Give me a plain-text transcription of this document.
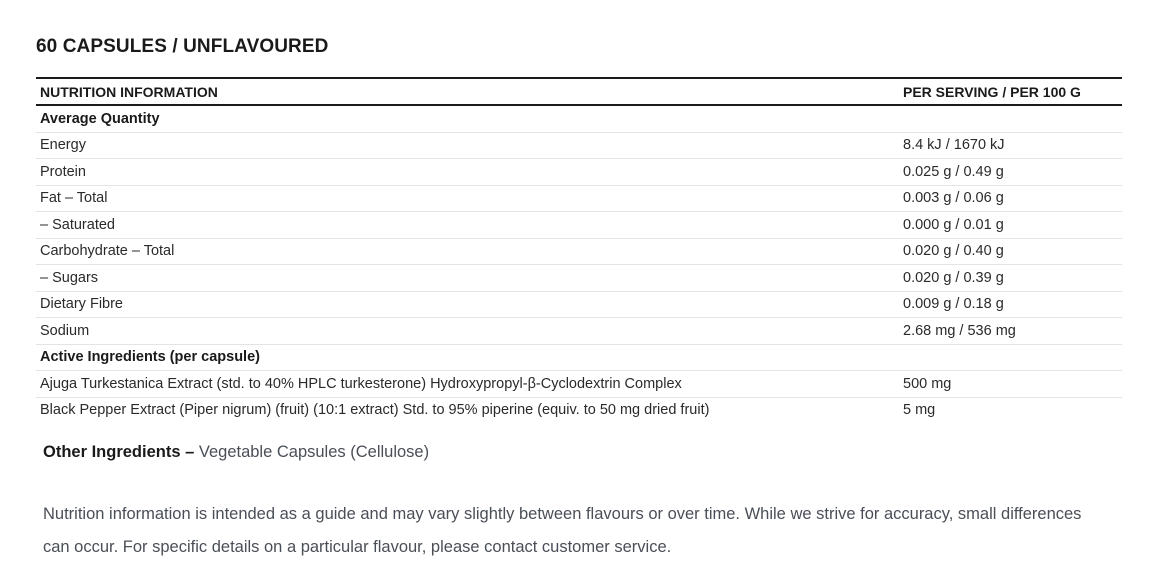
60 CAPSULES / UNFLAVOURED
NUTRITION INFORMATION	PER SERVING / PER 100 G
Average Quantity	
Energy	8.4 kJ / 1670 kJ
Protein	0.025 g / 0.49 g
Fat – Total	0.003 g / 0.06 g
– Saturated	0.000 g / 0.01 g
Carbohydrate – Total	0.020 g / 0.40 g
– Sugars	0.020 g / 0.39 g
Dietary Fibre	0.009 g / 0.18 g
Sodium	2.68 mg / 536 mg
Active Ingredients (per capsule)	
Ajuga Turkestanica Extract (std. to 40% HPLC turkesterone) Hydroxypropyl-β-Cyclodextrin Complex	500 mg
Black Pepper Extract (Piper nigrum) (fruit) (10:1 extract) Std. to 95% piperine (equiv. to 50 mg dried fruit)	5 mg
Other Ingredients – Vegetable Capsules (Cellulose)
Nutrition information is intended as a guide and may vary slightly between flavours or over time. While we strive for accuracy, small differences can occur. For specific details on a particular flavour, please contact customer service.
